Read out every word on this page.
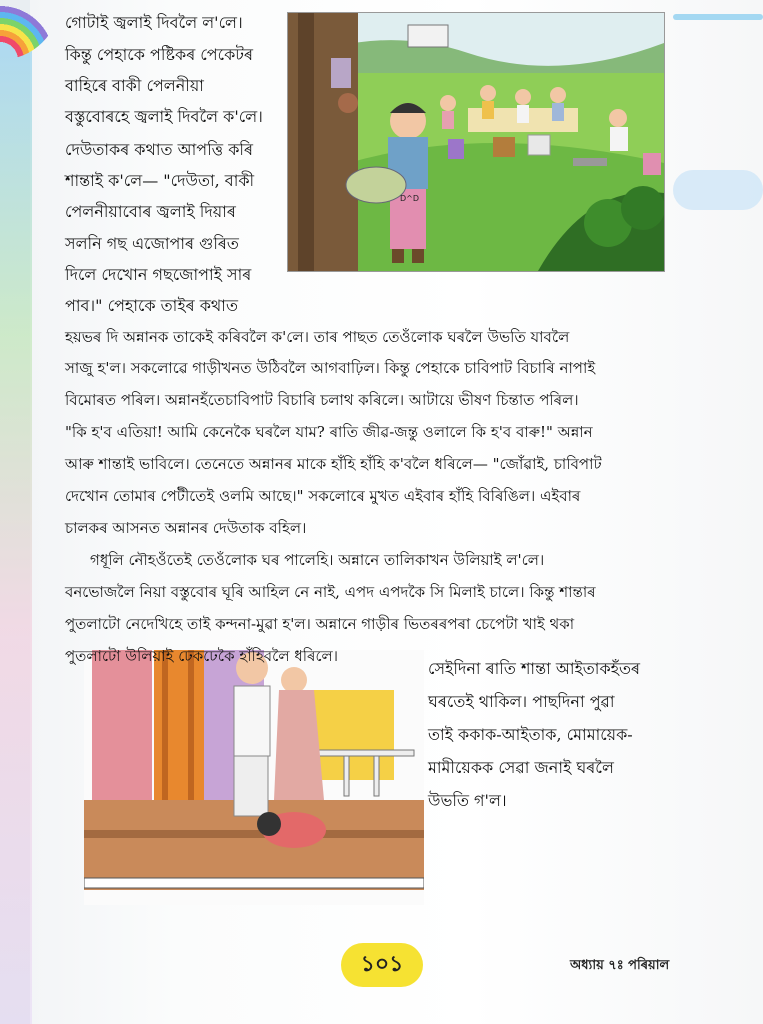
D^D
গোটাই জ্বলাই দিবলৈ ল'লে।
কিন্তু পেহাকে পষ্টিকৰ পেকেটৰ
বাহিৰে বাকী পেলনীয়া
বস্তুবোৰহে জ্বলাই দিবলৈ ক'লে।
দেউতাকৰ কথাত আপত্তি কৰি
শান্তাই ক'লে— "দেউতা, বাকী
পেলনীয়াবোৰ জ্বলাই দিয়াৰ
সলনি গছ এজোপাৰ গুৰিত
দিলে দেখোন গছজোপাই সাৰ
পাব।" পেহাকে তাইৰ কথাত
হয়ভৰ দি অন্নানক তাকেই কৰিবলৈ ক'লে। তাৰ পাছত তেওঁলোক ঘৰলৈ উভতি যাবলৈ
সাজু হ'ল। সকলোৱে গাড়ীখনত উঠিবলৈ আগবাঢ়িল। কিন্তু পেহাকে চাবিপাট বিচাৰি নাপাই
বিমোৰত পৰিল। অন্নানহঁতেচাবিপাট বিচাৰি চলাথ কৰিলে। আটায়ে ভীষণ চিন্তাত পৰিল।
"কি হ'ব এতিয়া! আমি কেনেকৈ ঘৰলৈ যাম? ৰাতি জীৱ-জন্তু ওলালে কি হ'ব বাৰু!" অন্নান
আৰু শান্তাই ভাবিলে। তেনেতে অন্নানৰ মাকে হাঁহি হাঁহি ক'বলৈ ধৰিলে— "জোঁৱাই, চাবিপাট
দেখোন তোমাৰ পেটীতেই ওলমি আছে।" সকলোৰে মুখত এইবাৰ হাঁহি বিৰিঙিল। এইবাৰ
চালকৰ আসনত অন্নানৰ দেউতাক বহিল।
গধূলি নৌহওঁতেই তেওঁলোক ঘৰ পালেহি। অন্নানে তালিকাখন উলিয়াই ল'লে।
বনভোজলৈ নিয়া বস্তুবোৰ ঘূৰি আহিল নে নাই, এপদ এপদকৈ সি মিলাই চালে। কিন্তু শান্তাৰ
পুতলাটো নেদেখিহে তাই কন্দনা-মুৱা হ'ল। অন্নানে গাড়ীৰ ভিতৰৰপৰা চেপেটা খাই থকা
পুতলাটো উলিয়াই ঢেকঢেকৈ হাঁহিবলৈ ধৰিলে।
সেইদিনা ৰাতি শান্তা আইতাকহঁতৰ
ঘৰতেই থাকিল। পাছদিনা পুৱা
তাই ককাক-আইতাক, মোমায়েক-
মামীয়েকক সেৱা জনাই ঘৰলৈ
উভতি গ'ল।
১০১	অধ্যায় ৭ঃ পৰিয়াল
